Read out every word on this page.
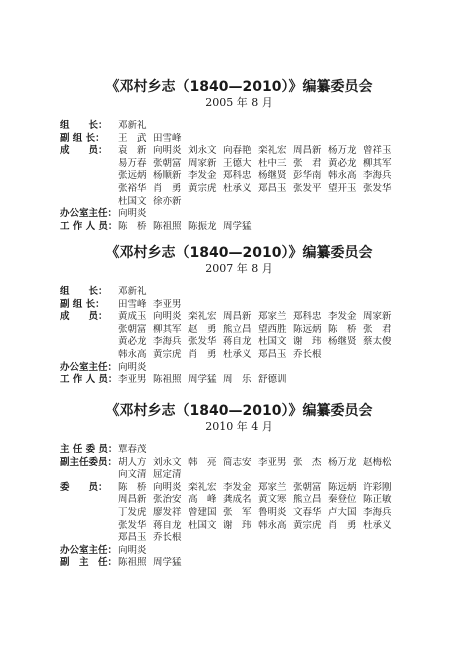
《邓村乡志（1840—2010）》编纂委员会
2005 年 8 月
组　　长：	邓新礼
副 组 长：	王　武 田雪峰
成　　员：	袁　新 向明炎 刘永文 向春艳 栾礼宏 周昌新 杨万龙 曾祥玉
易万春 张朝富 周家新 王德大 杜中三 张　君 黄必龙 柳其军
张远炳 杨顺新 李发金 郑科忠 杨继贤 彭华南 韩永高 李海兵
张裕华 肖　勇 黄宗虎 杜承义 郑昌玉 张发平 望开玉 张发华
杜国文 徐亦新
办公室主任： 向明炎
工 作 人 员： 陈　桥 陈祖照 陈振龙 周学猛
《邓村乡志（1840—2010）》编纂委员会
2007 年 8 月
组　　长：	邓新礼
副 组 长：	田雪峰 李亚男
成　　员：	黄成玉 向明炎 栾礼宏 周昌新 郑家兰 郑科忠 李发金 周家新
张朝富 柳其军 赵　勇 熊立昌 望西胜 陈远炳 陈　桥 张　君
黄必龙 李海兵 张发华 蒋自龙 杜国文 谢　玮 杨继贤 蔡太俊
韩永高 黄宗虎 肖　勇 杜承义 郑昌玉 乔长根
办公室主任： 向明炎
工 作 人 员： 李亚男 陈祖照 周学猛 周　乐 舒德训
《邓村乡志（1840—2010）》编纂委员会
2010 年 4 月
主 任 委 员： 覃春茂
副主任委员： 胡人方 刘永文 韩　亮 简志安 李亚男 张　杰 杨万龙 赵梅松
向文清 屈定清
委　　员：	陈　桥 向明炎 栾礼宏 李发金 郑家兰 张朝富 陈远炳 许彩刚
周昌新 张治安 高　峰 龚成名 黄文寒 熊立昌 秦登位 陈正敏
丁发虎 廖发祥 曾建国 张　军 鲁明炎 文春华 卢大国 李海兵
张发华 蒋自龙 杜国文 谢　玮 韩永高 黄宗虎 肖　勇 杜承义
郑昌玉 乔长根
办公室主任： 向明炎
副　主　任： 陈祖照 周学猛
